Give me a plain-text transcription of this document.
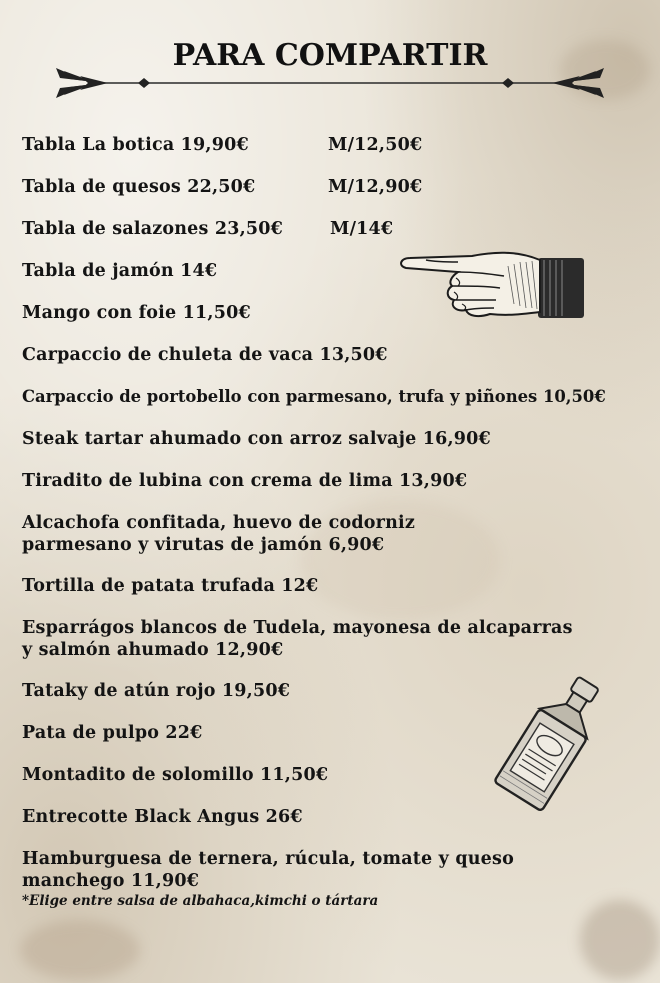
PARA COMPARTIR
Tabla La botica 19,90€	M/12,50€
Tabla de quesos 22,50€	M/12,90€
Tabla de salazones 23,50€	M/14€
Tabla de jamón 14€
Mango con foie 11,50€
Carpaccio de chuleta de vaca 13,50€
Carpaccio de portobello con parmesano, trufa y piñones 10,50€
Steak tartar ahumado con arroz salvaje 16,90€
Tiradito de lubina con crema de lima 13,90€
Alcachofa confitada, huevo de codorniz
parmesano y virutas de jamón 6,90€
Tortilla de patata trufada 12€
Esparrágos blancos de Tudela, mayonesa de alcaparras
y salmón ahumado 12,90€
Tataky de atún rojo 19,50€
Pata de pulpo 22€
Montadito de solomillo 11,50€
Entrecotte Black Angus 26€
Hamburguesa de ternera, rúcula, tomate y queso
manchego 11,90€
*Elige entre salsa de albahaca,kimchi o tártara
